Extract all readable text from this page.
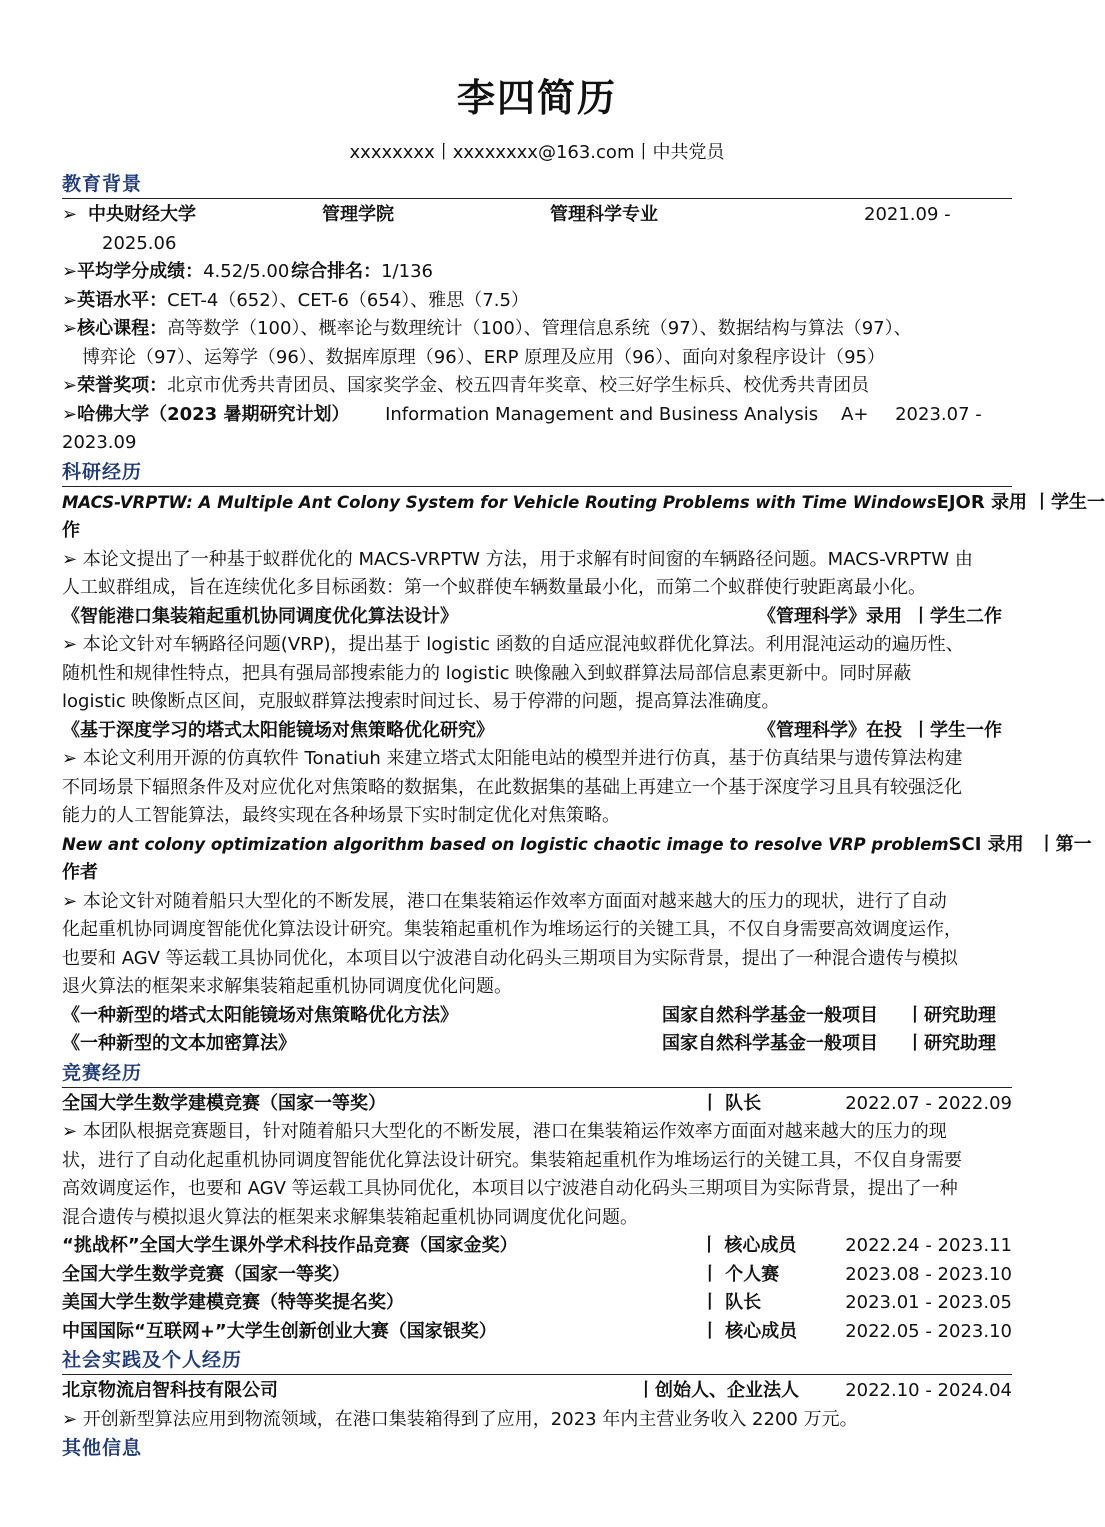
李四简历
xxxxxxxx丨xxxxxxxx@163.com丨中共党员
教育背景
➢ 中央财经大学	管理学院	管理科学专业	2021.09 -
2025.06
➢ 平均学分成绩： 4.52/5.00 综合排名： 1/136
➢ 英语水平： CET-4（652）、CET-6（654）、雅思（7.5）
➢ 核心课程： 高等数学（100）、概率论与数理统计（100）、管理信息系统（97）、数据结构与算法（97）、
博弈论（97）、运筹学（96）、数据库原理（96）、ERP 原理及应用（96）、面向对象程序设计（95）
➢ 荣誉奖项： 北京市优秀共青团员、国家奖学金、校五四青年奖章、校三好学生标兵、校优秀共青团员
➢ 哈佛大学（2023 暑期研究计划）	Information Management and Business Analysis	A+	2023.07 -
2023.09
科研经历
MACS-VRPTW: A Multiple Ant Colony System for Vehicle Routing Problems with Time Windows EJOR 录用 丨学生一
作
➢ 本论文提出了一种基于蚁群优化的 MACS-VRPTW 方法，用于求解有时间窗的车辆路径问题。MACS-VRPTW 由
人工蚁群组成，旨在连续优化多目标函数：第一个蚁群使车辆数量最小化，而第二个蚁群使行驶距离最小化。
《智能港口集装箱起重机协同调度优化算法设计》	《管理科学》录用 丨学生二作
➢ 本论文针对车辆路径问题(VRP)，提出基于 logistic 函数的自适应混沌蚁群优化算法。利用混沌运动的遍历性、
随机性和规律性特点，把具有强局部搜索能力的 logistic 映像融入到蚁群算法局部信息素更新中。同时屏蔽
logistic 映像断点区间，克服蚁群算法搜索时间过长、易于停滞的问题，提高算法准确度。
《基于深度学习的塔式太阳能镜场对焦策略优化研究》	《管理科学》在投 丨学生一作
➢ 本论文利用开源的仿真软件 Tonatiuh 来建立塔式太阳能电站的模型并进行仿真，基于仿真结果与遗传算法构建
不同场景下辐照条件及对应优化对焦策略的数据集，在此数据集的基础上再建立一个基于深度学习且具有较强泛化
能力的人工智能算法，最终实现在各种场景下实时制定优化对焦策略。
New ant colony optimization algorithm based on logistic chaotic image to resolve VRP problem SCI 录用 丨第一
作者
➢ 本论文针对随着船只大型化的不断发展，港口在集装箱运作效率方面面对越来越大的压力的现状，进行了自动
化起重机协同调度智能优化算法设计研究。集装箱起重机作为堆场运行的关键工具，不仅自身需要高效调度运作，
也要和 AGV 等运载工具协同优化，本项目以宁波港自动化码头三期项目为实际背景，提出了一种混合遗传与模拟
退火算法的框架来求解集装箱起重机协同调度优化问题。
《一种新型的塔式太阳能镜场对焦策略优化方法》	国家自然科学基金一般项目	丨研究助理
《一种新型的文本加密算法》	国家自然科学基金一般项目	丨研究助理
竞赛经历
全国大学生数学建模竞赛（国家一等奖）	丨 队长	2022.07 - 2022.09
➢ 本团队根据竞赛题目，针对随着船只大型化的不断发展，港口在集装箱运作效率方面面对越来越大的压力的现
状，进行了自动化起重机协同调度智能优化算法设计研究。集装箱起重机作为堆场运行的关键工具，不仅自身需要
高效调度运作，也要和 AGV 等运载工具协同优化，本项目以宁波港自动化码头三期项目为实际背景，提出了一种
混合遗传与模拟退火算法的框架来求解集装箱起重机协同调度优化问题。
“挑战杯”全国大学生课外学术科技作品竞赛（国家金奖）	丨 核心成员	2022.24 - 2023.11
全国大学生数学竞赛（国家一等奖）	丨 个人赛	2023.08 - 2023.10
美国大学生数学建模竞赛（特等奖提名奖）	丨 队长	2023.01 - 2023.05
中国国际“互联网+”大学生创新创业大赛（国家银奖）	丨 核心成员	2022.05 - 2023.10
社会实践及个人经历
北京物流启智科技有限公司	丨创始人、企业法人	2022.10 - 2024.04
➢ 开创新型算法应用到物流领域，在港口集装箱得到了应用，2023 年内主营业务收入 2200 万元。
其他信息
